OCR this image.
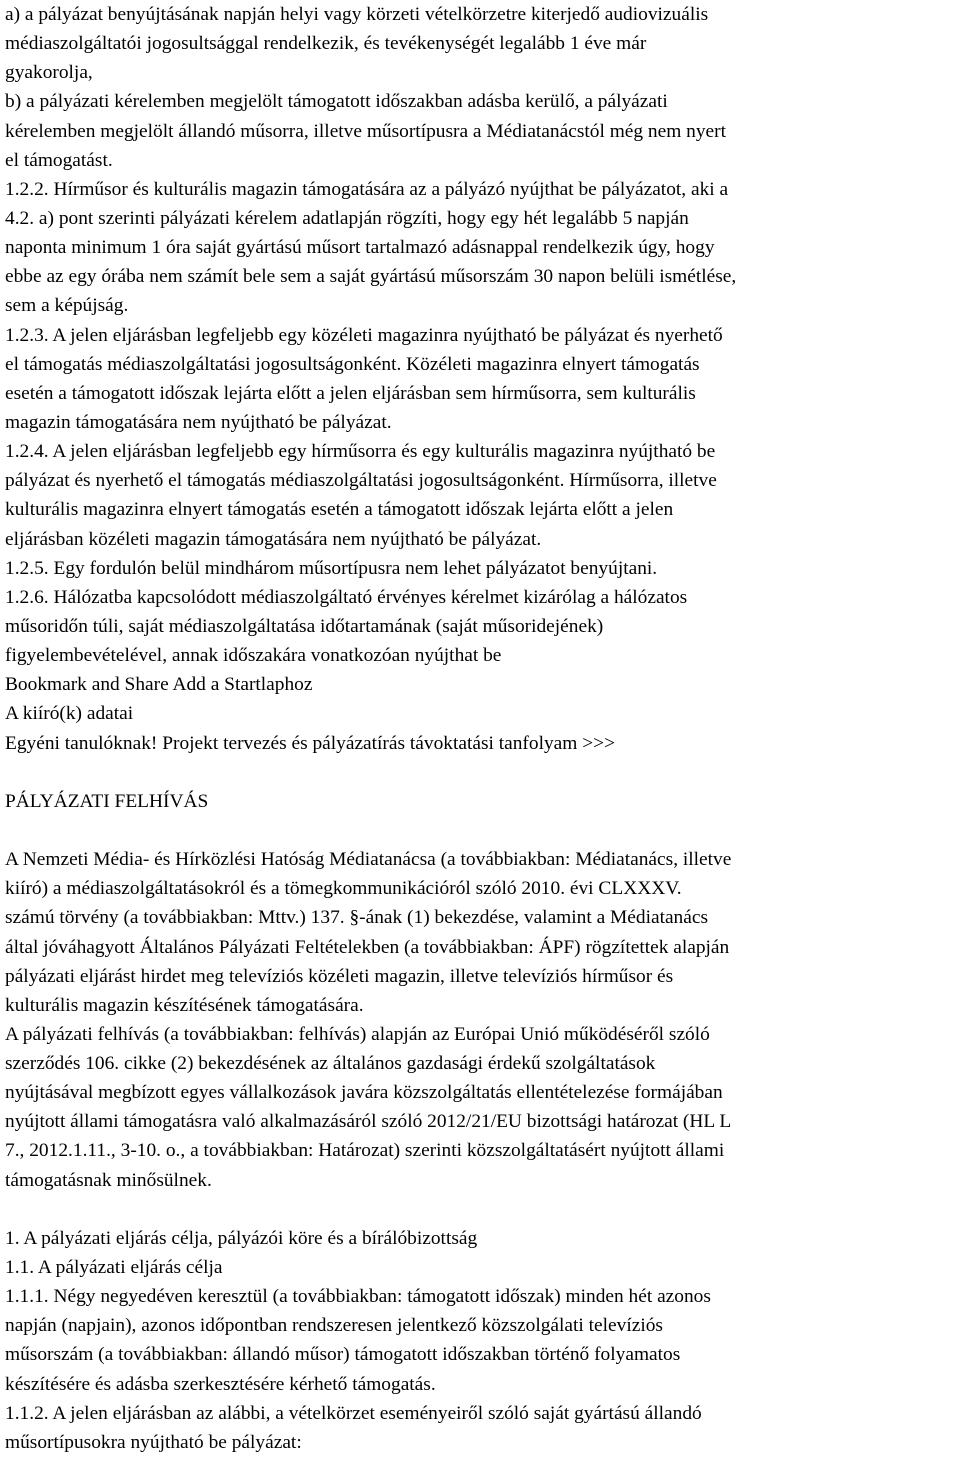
a) a pályázat benyújtásának napján helyi vagy körzeti vételkörzetre kiterjedő audiovizuális
médiaszolgáltatói jogosultsággal rendelkezik, és tevékenységét legalább 1 éve már
gyakorolja,
b) a pályázati kérelemben megjelölt támogatott időszakban adásba kerülő, a pályázati
kérelemben megjelölt állandó műsorra, illetve műsortípusra a Médiatanácstól még nem nyert
el támogatást.
1.2.2. Hírműsor és kulturális magazin támogatására az a pályázó nyújthat be pályázatot, aki a
4.2. a) pont szerinti pályázati kérelem adatlapján rögzíti, hogy egy hét legalább 5 napján
naponta minimum 1 óra saját gyártású műsort tartalmazó adásnappal rendelkezik úgy, hogy
ebbe az egy órába nem számít bele sem a saját gyártású műsorszám 30 napon belüli ismétlése,
sem a képújság.
1.2.3. A jelen eljárásban legfeljebb egy közéleti magazinra nyújtható be pályázat és nyerhető
el támogatás médiaszolgáltatási jogosultságonként. Közéleti magazinra elnyert támogatás
esetén a támogatott időszak lejárta előtt a jelen eljárásban sem hírműsorra, sem kulturális
magazin támogatására nem nyújtható be pályázat.
1.2.4. A jelen eljárásban legfeljebb egy hírműsorra és egy kulturális magazinra nyújtható be
pályázat és nyerhető el támogatás médiaszolgáltatási jogosultságonként. Hírműsorra, illetve
kulturális magazinra elnyert támogatás esetén a támogatott időszak lejárta előtt a jelen
eljárásban közéleti magazin támogatására nem nyújtható be pályázat.
1.2.5. Egy fordulón belül mindhárom műsortípusra nem lehet pályázatot benyújtani.
1.2.6. Hálózatba kapcsolódott médiaszolgáltató érvényes kérelmet kizárólag a hálózatos
műsoridőn túli, saját médiaszolgáltatása időtartamának (saját műsoridejének)
figyelembevételével, annak időszakára vonatkozóan nyújthat be
Bookmark and Share Add a Startlaphoz
A kiíró(k) adatai
Egyéni tanulóknak! Projekt tervezés és pályázatírás távoktatási tanfolyam >>>
PÁLYÁZATI FELHÍVÁS
A Nemzeti Média- és Hírközlési Hatóság Médiatanácsa (a továbbiakban: Médiatanács, illetve
kiíró) a médiaszolgáltatásokról és a tömegkommunikációról szóló 2010. évi CLXXXV.
számú törvény (a továbbiakban: Mttv.) 137. §-ának (1) bekezdése, valamint a Médiatanács
által jóváhagyott Általános Pályázati Feltételekben (a továbbiakban: ÁPF) rögzítettek alapján
pályázati eljárást hirdet meg televíziós közéleti magazin, illetve televíziós hírműsor és
kulturális magazin készítésének támogatására.
A pályázati felhívás (a továbbiakban: felhívás) alapján az Európai Unió működéséről szóló
szerződés 106. cikke (2) bekezdésének az általános gazdasági érdekű szolgáltatások
nyújtásával megbízott egyes vállalkozások javára közszolgáltatás ellentételezése formájában
nyújtott állami támogatásra való alkalmazásáról szóló 2012/21/EU bizottsági határozat (HL L
7., 2012.1.11., 3-10. o., a továbbiakban: Határozat) szerinti közszolgáltatásért nyújtott állami
támogatásnak minősülnek.
1. A pályázati eljárás célja, pályázói köre és a bírálóbizottság
1.1. A pályázati eljárás célja
1.1.1. Négy negyedéven keresztül (a továbbiakban: támogatott időszak) minden hét azonos
napján (napjain), azonos időpontban rendszeresen jelentkező közszolgálati televíziós
műsorszám (a továbbiakban: állandó műsor) támogatott időszakban történő folyamatos
készítésére és adásba szerkesztésére kérhető támogatás.
1.1.2. A jelen eljárásban az alábbi, a vételkörzet eseményeiről szóló saját gyártású állandó
műsortípusokra nyújtható be pályázat:
